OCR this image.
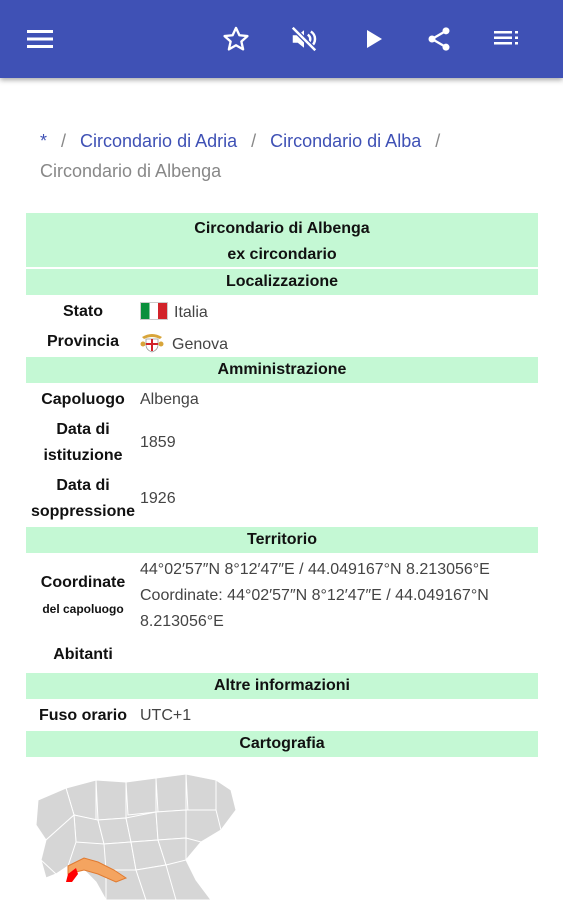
* / Circondario di Adria / Circondario di Alba /
Circondario di Albenga
Circondario di Albenga
ex circondario
Localizzazione
Stato	Italia
Provincia	Genova
Amministrazione
Capoluogo Albenga
Data di
istituzione
1859
Data di
soppressione
1926
Territorio
Coordinate
del capoluogo
44°02′57″N 8°12′47″E / 44.049167°N 8.213056°E
Coordinate: 44°02′57″N 8°12′47″E / 44.049167°N
8.213056°E
Abitanti
Altre informazioni
Fuso orario UTC+1
Cartografia
